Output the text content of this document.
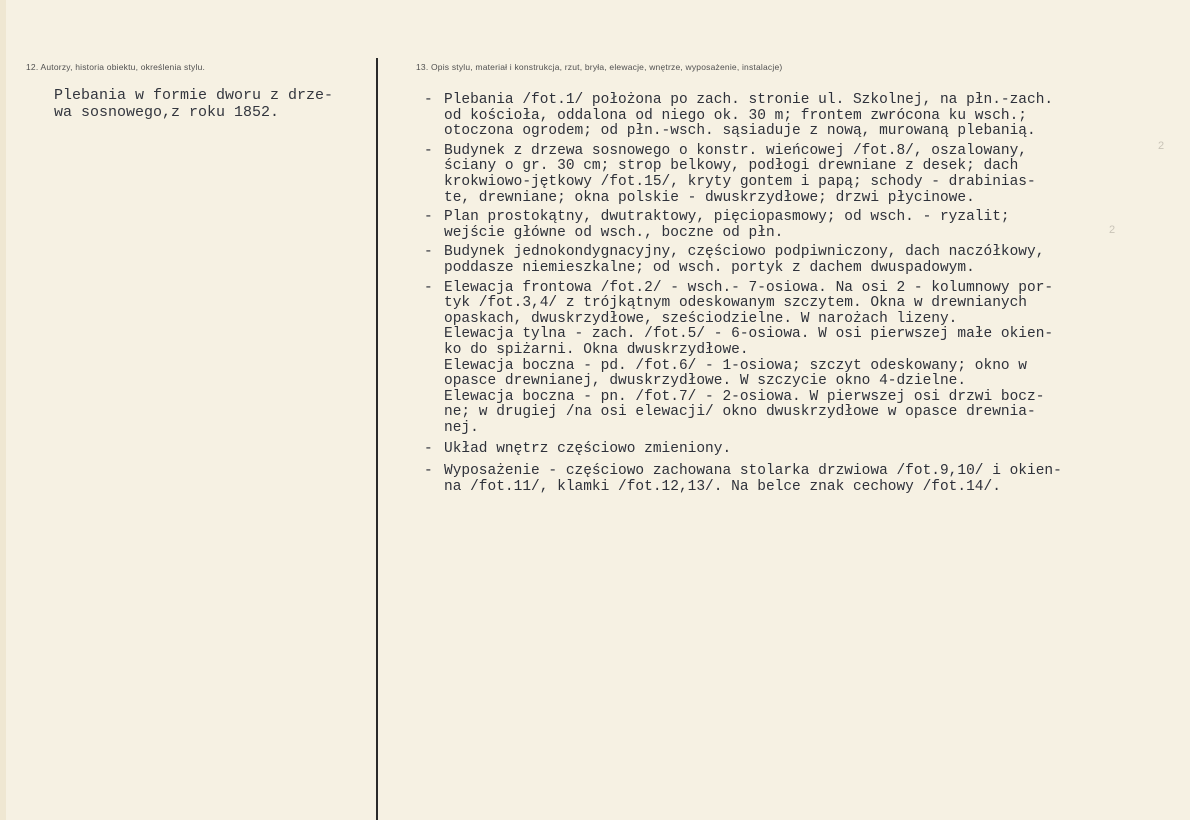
12. Autorzy, historia obiektu, określenia stylu.	13. Opis stylu, materiał i konstrukcja, rzut, bryła, elewacje, wnętrze, wyposażenie, instalacje)
Plebania w formie dworu z drze-
wa sosnowego,z roku 1852.
- Plebania /fot.1/ położona po zach. stronie ul. Szkolnej, na płn.-zach.
od kościoła, oddalona od niego ok. 30 m; frontem zwrócona ku wsch.;
otoczona ogrodem; od płn.-wsch. sąsiaduje z nową, murowaną plebanią.
- Budynek z drzewa sosnowego o konstr. wieńcowej /fot.8/, oszalowany,
ściany o gr. 30 cm; strop belkowy, podłogi drewniane z desek; dach
krokwiowo-jętkowy /fot.15/, kryty gontem i papą; schody - drabinias-
te, drewniane; okna polskie - dwuskrzydłowe; drzwi płycinowe.
- Plan prostokątny, dwutraktowy, pięciopasmowy; od wsch. - ryzalit;
wejście główne od wsch., boczne od płn.
- Budynek jednokondygnacyjny, częściowo podpiwniczony, dach naczółkowy,
poddasze niemieszkalne; od wsch. portyk z dachem dwuspadowym.
- Elewacja frontowa /fot.2/ - wsch.- 7-osiowa. Na osi 2 - kolumnowy por-
tyk /fot.3,4/ z trójkątnym odeskowanym szczytem. Okna w drewnianych
opaskach, dwuskrzydłowe, sześciodzielne. W narożach lizeny.
Elewacja tylna - zach. /fot.5/ - 6-osiowa. W osi pierwszej małe okien-
ko do spiżarni. Okna dwuskrzydłowe.
Elewacja boczna - pd. /fot.6/ - 1-osiowa; szczyt odeskowany; okno w
opasce drewnianej, dwuskrzydłowe. W szczycie okno 4-dzielne.
Elewacja boczna - pn. /fot.7/ - 2-osiowa. W pierwszej osi drzwi bocz-
ne; w drugiej /na osi elewacji/ okno dwuskrzydłowe w opasce drewnia-
nej.
- Układ wnętrz częściowo zmieniony.
- Wyposażenie - częściowo zachowana stolarka drzwiowa /fot.9,10/ i okien-
na /fot.11/, klamki /fot.12,13/. Na belce znak cechowy /fot.14/.
2
2
